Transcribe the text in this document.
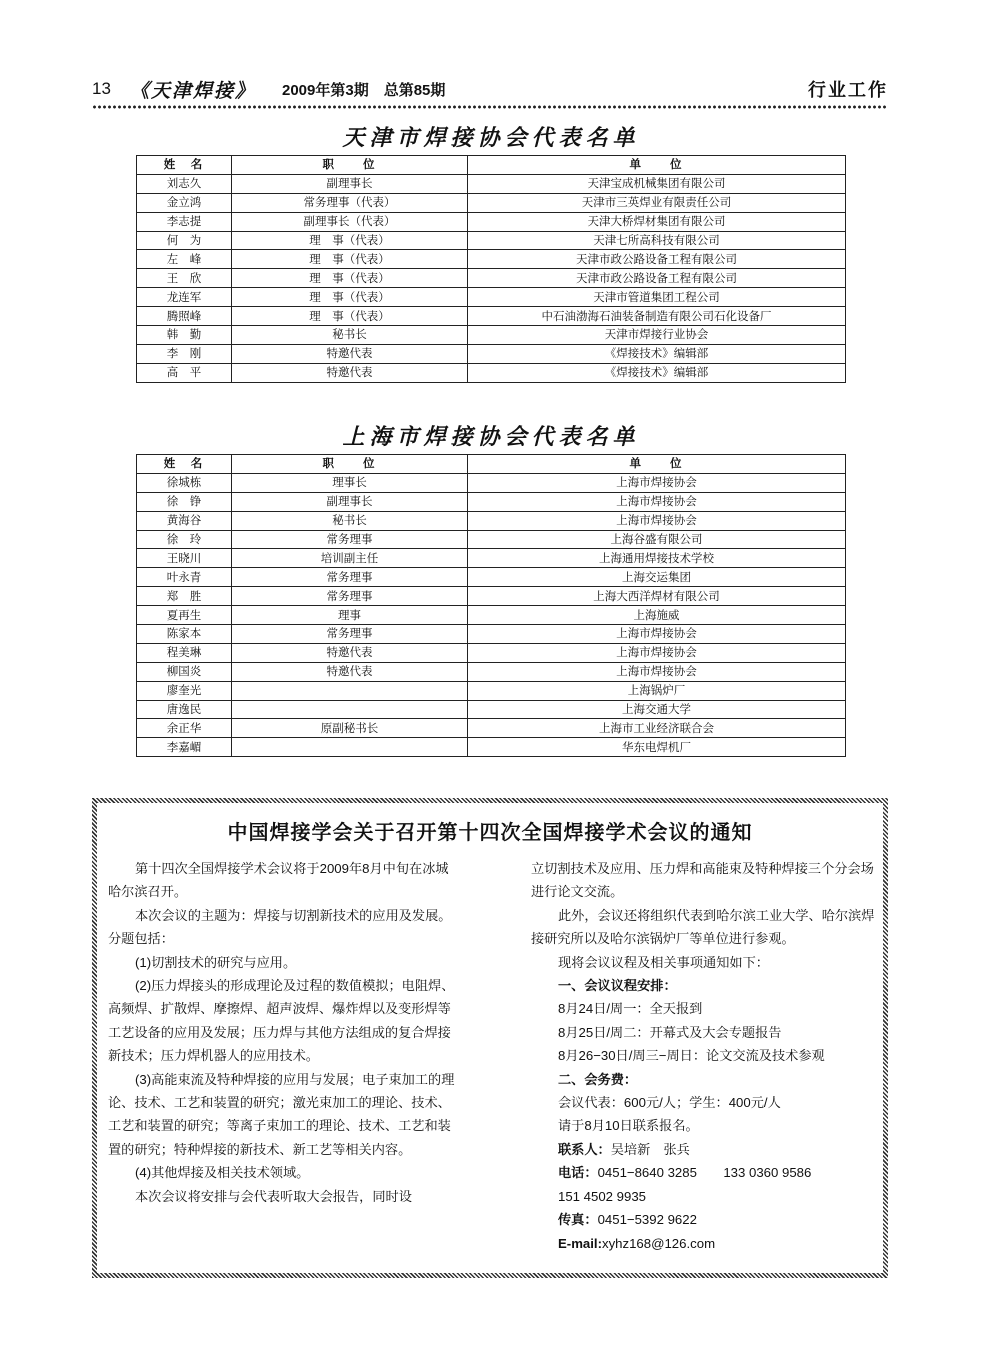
13 《天津焊接》 2009年第3期　总第85期	行业工作
天津市焊接协会代表名单
姓　名	职　　位	单　　位
刘志久	副理事长	天津宝成机械集团有限公司
金立鸿	常务理事（代表）	天津市三英焊业有限责任公司
李志提	副理事长（代表）	天津大桥焊材集团有限公司
何　为	理　事（代表）	天津七所高科技有限公司
左　峰	理　事（代表）	天津市政公路设备工程有限公司
王　欣	理　事（代表）	天津市政公路设备工程有限公司
龙连军	理　事（代表）	天津市管道集团工程公司
腾照峰	理　事（代表）	中石油渤海石油装备制造有限公司石化设备厂
韩　勤	秘书长	天津市焊接行业协会
李　刚	特邀代表	《焊接技术》编辑部
高　平	特邀代表	《焊接技术》编辑部
上海市焊接协会代表名单
姓　名	职　　位	单　　位
徐城栋	理事长	上海市焊接协会
徐　铮	副理事长	上海市焊接协会
黄海谷	秘书长	上海市焊接协会
徐　玲	常务理事	上海谷盛有限公司
王晓川	培训副主任	上海通用焊接技术学校
叶永青	常务理事	上海交运集团
郑　胜	常务理事	上海大西洋焊材有限公司
夏再生	理事	上海施威
陈家本	常务理事	上海市焊接协会
程美琳	特邀代表	上海市焊接协会
柳国炎	特邀代表	上海市焊接协会
廖奎光		上海锅炉厂
唐逸民		上海交通大学
余正华	原副秘书长	上海市工业经济联合会
李嘉嵋		华东电焊机厂
中国焊接学会关于召开第十四次全国焊接学术会议的通知

第十四次全国焊接学术会议将于2009年8月中旬在冰城哈尔滨召开。

本次会议的主题为：焊接与切割新技术的应用及发展。分题包括：

(1)切割技术的研究与应用。

(2)压力焊接头的形成理论及过程的数值模拟；电阻焊、高频焊、扩散焊、摩擦焊、超声波焊、爆炸焊以及变形焊等工艺设备的应用及发展；压力焊与其他方法组成的复合焊接新技术；压力焊机器人的应用技术。

(3)高能束流及特种焊接的应用与发展；电子束加工的理论、技术、工艺和装置的研究；激光束加工的理论、技术、工艺和装置的研究；等离子束加工的理论、技术、工艺和装置的研究；特种焊接的新技术、新工艺等相关内容。

(4)其他焊接及相关技术领域。

本次会议将安排与会代表听取大会报告，同时设

立切割技术及应用、压力焊和高能束及特种焊接三个分会场进行论文交流。

此外，会议还将组织代表到哈尔滨工业大学、哈尔滨焊接研究所以及哈尔滨锅炉厂等单位进行参观。

现将会议议程及相关事项通知如下：

一、会议议程安排：

8月24日/周一：全天报到

8月25日/周二：开幕式及大会专题报告

8月26−30日/周三−周日：论文交流及技术参观

二、会务费：

会议代表：600元/人；学生：400元/人

请于8月10日联系报名。

联系人：吴培新　张兵

电话：0451−8640 3285　　133 0360 9586

151 4502 9935

传真：0451−5392 9622

E-mail:xyhz168@126.com
